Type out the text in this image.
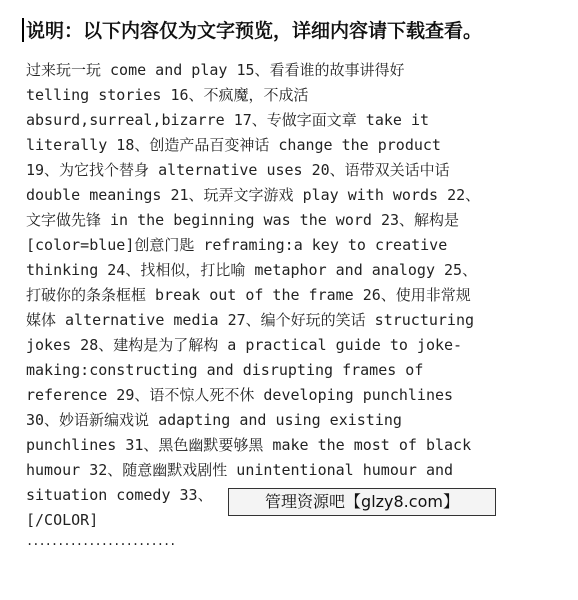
说明：以下内容仅为文字预览，详细内容请下载查看。
过来玩一玩 come and play 15、看看谁的故事讲得好
telling stories 16、不疯魔，不成活
absurd,surreal,bizarre 17、专做字面文章 take it
literally 18、创造产品百变神话 change the product
19、为它找个替身 alternative uses 20、语带双关话中话
double meanings 21、玩弄文字游戏 play with words 22、
文字做先锋 in the beginning was the word 23、解构是
[color=blue]创意门匙 reframing:a key to creative
thinking 24、找相似，打比喻 metaphor and analogy 25、
打破你的条条框框 break out of the frame 26、使用非常规
媒体 alternative media 27、编个好玩的笑话 structuring
jokes 28、建构是为了解构 a practical guide to joke-
making:constructing and disrupting frames of
reference 29、语不惊人死不休 developing punchlines
30、妙语新编戏说 adapting and using existing
punchlines 31、黑色幽默要够黑 make the most of black
humour 32、随意幽默戏剧性 unintentional humour and
situation comedy 33、
[/COLOR]
........................
管理资源吧【glzy8.com】
